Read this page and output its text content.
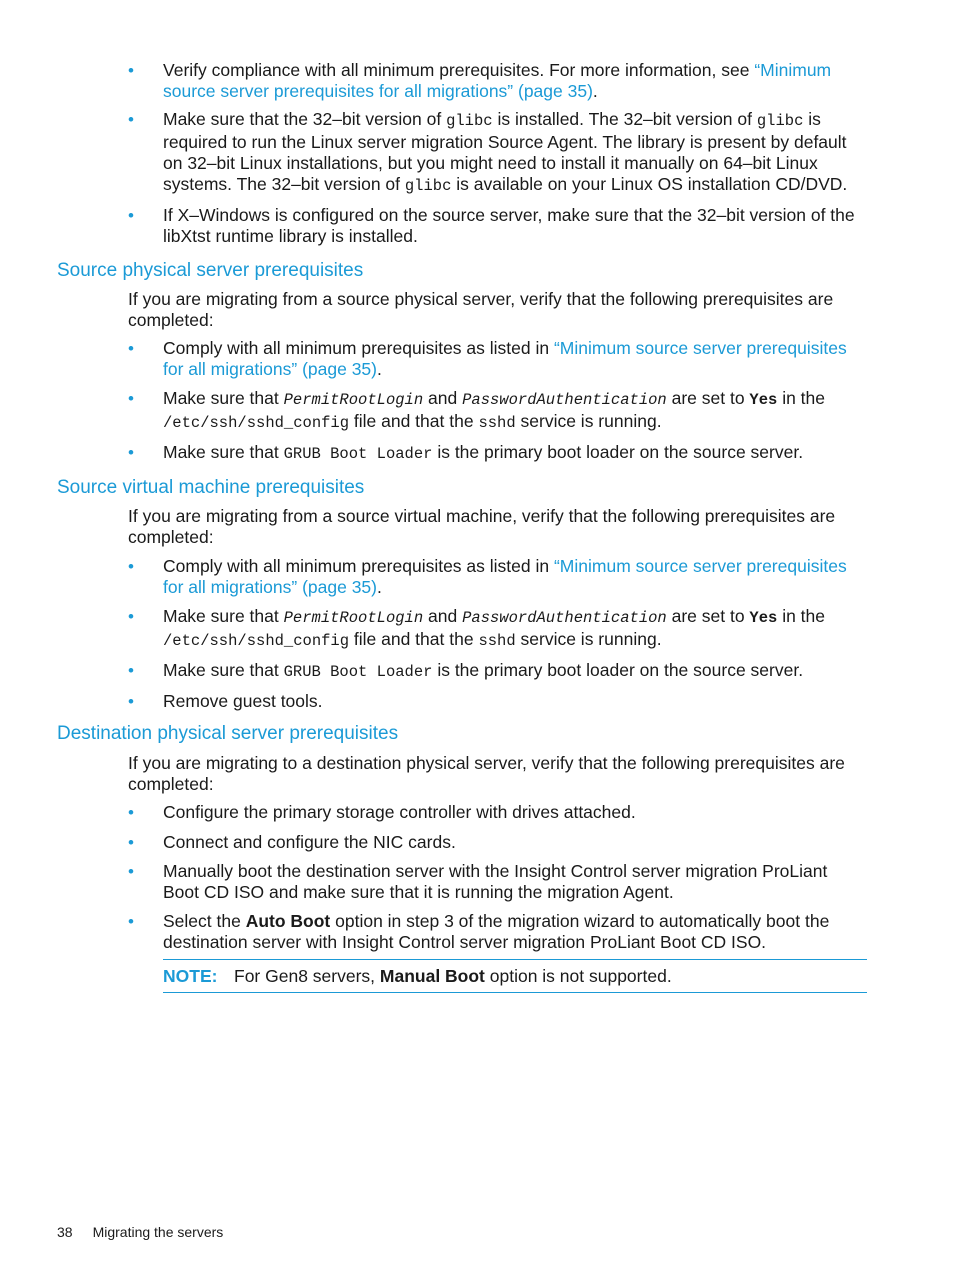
• Verify compliance with all minimum prerequisites. For more information, see “Minimum source server prerequisites for all migrations” (page 35).
• Make sure that the 32–bit version of glibc is installed. The 32–bit version of glibc is required to run the Linux server migration Source Agent. The library is present by default on 32–bit Linux installations, but you might need to install it manually on 64–bit Linux systems. The 32–bit version of glibc is available on your Linux OS installation CD/DVD.
• If X–Windows is configured on the source server, make sure that the 32–bit version of the libXtst runtime library is installed.
Source physical server prerequisites

If you are migrating from a source physical server, verify that the following prerequisites are completed:

• Comply with all minimum prerequisites as listed in “Minimum source server prerequisites for all migrations” (page 35).
• Make sure that PermitRootLogin and PasswordAuthentication are set to Yes in the /etc/ssh/sshd_config file and that the sshd service is running.
• Make sure that GRUB Boot Loader is the primary boot loader on the source server.
Source virtual machine prerequisites

If you are migrating from a source virtual machine, verify that the following prerequisites are completed:

• Comply with all minimum prerequisites as listed in “Minimum source server prerequisites for all migrations” (page 35).
• Make sure that PermitRootLogin and PasswordAuthentication are set to Yes in the /etc/ssh/sshd_config file and that the sshd service is running.
• Make sure that GRUB Boot Loader is the primary boot loader on the source server.
• Remove guest tools.
Destination physical server prerequisites

If you are migrating to a destination physical server, verify that the following prerequisites are completed:

• Configure the primary storage controller with drives attached.
• Connect and configure the NIC cards.
• Manually boot the destination server with the Insight Control server migration ProLiant Boot CD ISO and make sure that it is running the migration Agent.
• Select the Auto Boot option in step 3 of the migration wizard to automatically boot the destination server with Insight Control server migration ProLiant Boot CD ISO.
NOTE: For Gen8 servers, Manual Boot option is not supported.
38 Migrating the servers
